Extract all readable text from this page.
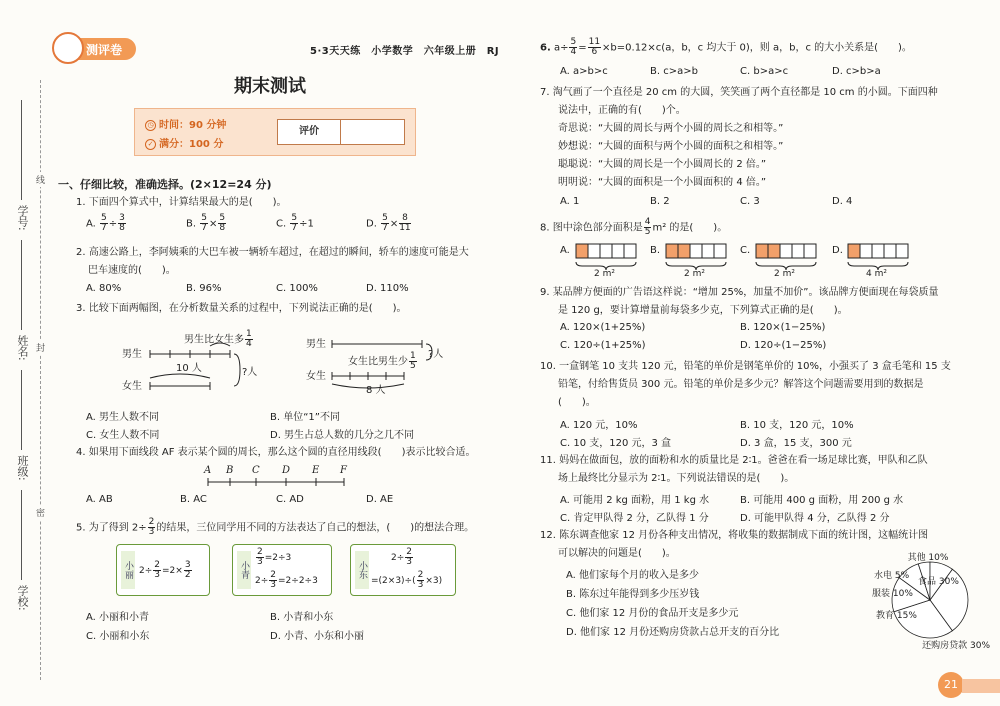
学号:
姓名:
班级:
学校:
线
封
密
测评卷	5·3天天练　小学数学　六年级上册　RJ
期末测试
◷ 时间：90 分钟
✓ 满分：100 分
评价
一、仔细比较，准确选择。(2×12=24 分)
1. 下面四个算式中，计算结果最大的是(　　)。
A. $\frac{5}{7} \div \frac{3}{8}$	B. $\frac{5}{7} \times \frac{5}{8}$	C. $\frac{5}{7} \div 1$	D. $\frac{5}{7} \times \frac{8}{11}$
2. 高速公路上，李阿姨乘的大巴车被一辆轿车超过，在超过的瞬间，轿车的速度可能是大
巴车速度的(　　)。
A. 80%	B. 96%	C. 100%	D. 110%
3. 比较下面两幅图，在分析数量关系的过程中，下列说法正确的是(　　)。
男生比女生多 $\frac{1}{4}$
男生
女生
10 人	?人
女生比男生少 $\frac{1}{5}$
男生
女生
8 人
?人
A. 男生人数不同	B. 单位“1”不同
C. 女生人数不同	D. 男生占总人数的几分之几不同
4. 如果用下面线段 AF 表示某个圆的周长，那么这个圆的直径用线段(　　)表示比较合适。
A B C D E F
A. AB	B. AC	C. AD	D. AE
5. 为了得到 $2\div \frac{2}{3}$ 的结果，三位同学用不同的方法表达了自己的想法，(　　)的想法合理。
小丽 $2\div \frac{2}{3} =2\times \frac{3}{2}$	小青
$\frac{2}{3} =2\div 3$
$2\div \frac{2}{3} =2\div 2\div 3$
小东
$2\div \frac{2}{3}$
$=(2\times 3)\div( \frac{2}{3} \times 3)$
A. 小丽和小青	B. 小青和小东
C. 小丽和小东	D. 小青、小东和小丽
6. $a\div \frac{5}{4} = \frac{11}{6} \times b=0.12\times c(a$，b，c 均大于 0)，则 a，b，c 的大小关系是(　　)。
A. a>b>c	B. c>a>b	C. b>a>c	D. c>b>a
7. 淘气画了一个直径是 20 cm 的大圆，笑笑画了两个直径都是 10 cm 的小圆。下面四种
说法中，正确的有(　　)个。
奇思说：“大圆的周长与两个小圆的周长之和相等。”
妙想说：“大圆的面积与两个小圆的面积之和相等。”
聪聪说：“大圆的周长是一个小圆周长的 2 倍。”
明明说：“大圆的面积是一个小圆面积的 4 倍。”
A. 1	B. 2	C. 3	D. 4
8. 图中涂色部分面积是 $\frac{4}{5} m^2$ 的是(　　)。
A.
2 m²
B.
2 m²
C.
2 m²
D.
4 m²
9. 某品牌方便面的广告语这样说：“增加 25%，加量不加价”。该品牌方便面现在每袋质量
是 120 g，要计算增量前每袋多少克，下列算式正确的是(　　)。
A. 120×(1+25%)	B. 120×(1−25%)
C. 120÷(1+25%)	D. 120÷(1−25%)
10. 一盒钢笔 10 支共 120 元，铅笔的单价是钢笔单价的 10%，小强买了 3 盒毛笔和 15 支
铅笔，付给售货员 300 元。铅笔的单价是多少元？解答这个问题需要用到的数据是
(　　)。
A. 120 元，10%	B. 10 支，120 元，10%
C. 10 支，120 元，3 盒	D. 3 盒，15 支，300 元
11. 妈妈在做面包，放的面粉和水的质量比是 2∶1。爸爸在看一场足球比赛，甲队和乙队
场上最终比分显示为 2∶1。下列说法错误的是(　　)。
A. 可能用 2 kg 面粉，用 1 kg 水	B. 可能用 400 g 面粉，用 200 g 水
C. 肯定甲队得 2 分，乙队得 1 分	D. 可能甲队得 4 分，乙队得 2 分
12. 陈东调查他家 12 月份各种支出情况，将收集的数据制成下面的统计图，这幅统计图
可以解决的问题是(　　)。
A. 他们家每个月的收入是多少
B. 陈东过年能得到多少压岁钱
C. 他们家 12 月份的食品开支是多少元
D. 他们家 12 月份还购房贷款占总开支的百分比
食品 30%
还购房贷款 30%
教育 15%
服装 10%
水电 5%
其他 10%
21
